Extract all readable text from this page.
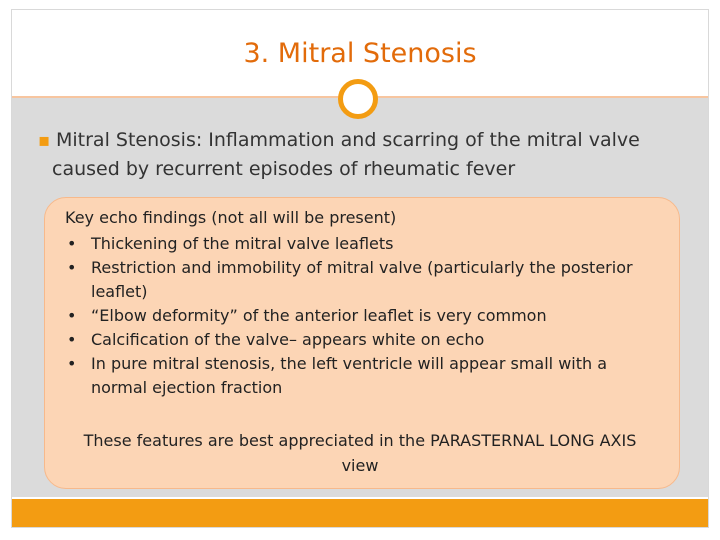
3. Mitral Stenosis
▪ Mitral Stenosis: Inflammation and scarring of the mitral valve
caused by recurrent episodes of rheumatic fever
Key echo findings (not all will be present)
• Thickening of the mitral valve leaflets
• Restriction and immobility of mitral valve (particularly the posterior
leaflet)
• “Elbow deformity” of the anterior leaflet is very common
• Calcification of the valve– appears white on echo
• In pure mitral stenosis, the left ventricle will appear small with a
normal ejection fraction
These features are best appreciated in the PARASTERNAL LONG AXIS view
